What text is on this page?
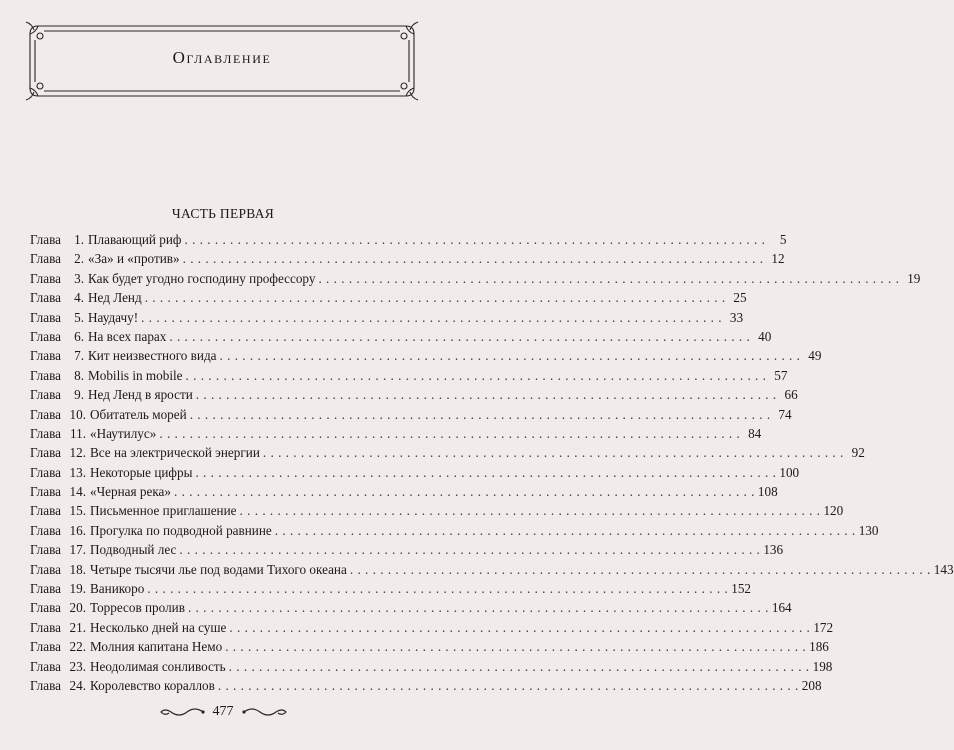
Оглавление
ЧАСТЬ ПЕРВАЯ
Глава 1. Плавающий риф . . .	5
Глава 2. «За» и «против» . . .	12
Глава 3. Как будет угодно господину профессору . . .	19
Глава 4. Нед Ленд . . .	25
Глава 5. Наудачу! . . .	33
Глава 6. На всех парах . . .	40
Глава 7. Кит неизвестного вида . . .	49
Глава 8. Mobilis in mobile . . .	57
Глава 9. Нед Ленд в ярости . . .	66
Глава 10. Обитатель морей . . .	74
Глава 11. «Наутилус» . . .	84
Глава 12. Все на электрической энергии . . .	92
Глава 13. Некоторые цифры . . .	100
Глава 14. «Черная река» . . .	108
Глава 15. Письменное приглашение . . .	120
Глава 16. Прогулка по подводной равнине . . .	130
Глава 17. Подводный лес . . .	136
Глава 18. Четыре тысячи лье под водами Тихого океана . . .	143
Глава 19. Ваникоро . . .	152
Глава 20. Торресов пролив . . .	164
Глава 21. Несколько дней на суше . . .	172
Глава 22. Молния капитана Немо . . .	186
Глава 23. Неодолимая сонливость . . .	198
Глава 24. Королевство кораллов . . .	208
477
